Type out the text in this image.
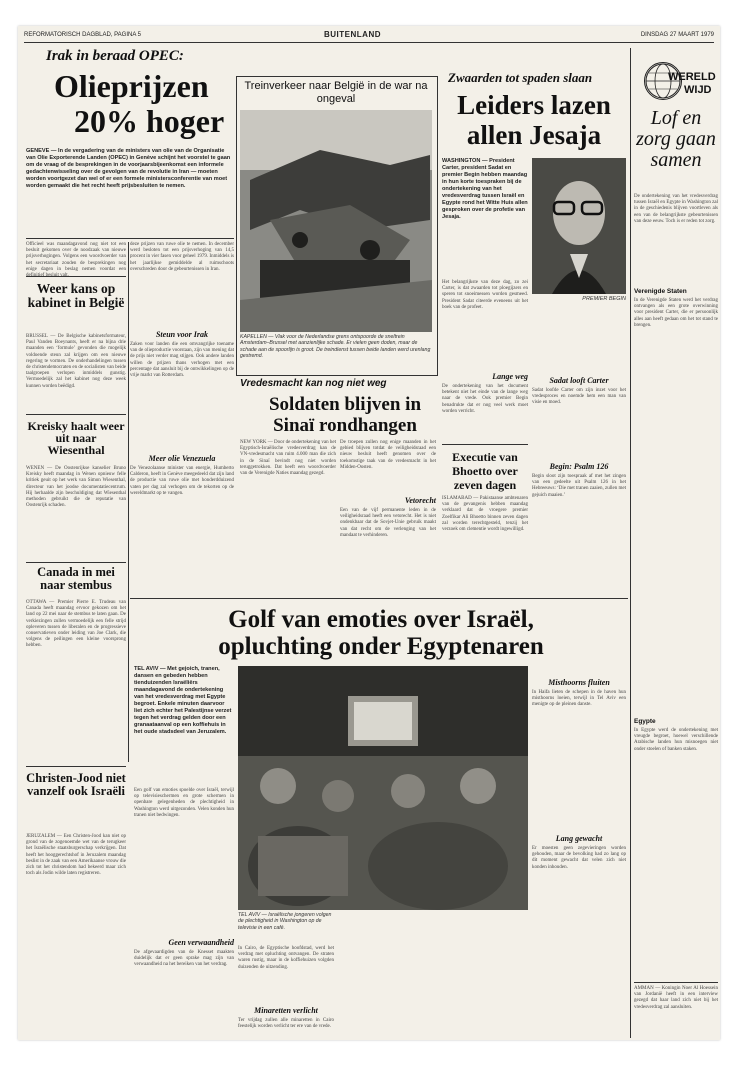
REFORMATORISCH DAGBLAD, PAGINA 5	BUITENLAND	DINSDAG 27 MAART 1979
Irak in beraad OPEC:
Olieprijzen
20% hoger
GENEVE — In de vergadering van de ministers van olie van de Organisatie van Olie Exporterende Landen (OPEC) in Genève schijnt het voorstel te gaan om de vraag of de besprekingen in de voorjaarsbijeenkomst een informele gedachtenwisseling over de gevolgen van de revolutie in Iran — moeten worden voortgezet dan wel of er een formele ministersconferentie van moet worden gemaakt die het recht heeft prijsbesluiten te nemen.
Officieel was maandagavond nog niet tot een besluit gekomen over de noodzaak van nieuwe prijsverhogingen. Volgens een woordvoerder van het secretariaat zouden de besprekingen nog enige dagen in beslag nemen voordat een
Weer kans op kabinet in België
BRUSSEL — De Belgische kabinetsformateur, Paul Vanden Boeynants, heeft er na bijna drie maanden een ‘formule’ gevonden die mogelijk voldoende steun zal krijgen om een nieuwe regering te vormen. De onderhandelingen tussen de christendemocraten en de socialisten van beide taalgroepen verlopen inmiddels gunstig. Vermoedelijk zal het kabinet nog deze week kunnen worden beëdigd.
Kreisky haalt weer uit naar Wiesenthal
WENEN — De Oostenrijkse kanselier Bruno Kreisky heeft maandag in Wenen opnieuw felle kritiek geuit op het werk van Simon Wiesenthal, directeur van het joodse documentatiecentrum. Hij herhaalde zijn beschuldiging dat Wiesenthal methoden gebruikt die de reputatie van Oostenrijk schaden.
Canada in mei naar stembus
OTTAWA — Premier Pierre E. Trudeau van Canada heeft maandag ervoor gekozen om het land op 22 mei naar de stembus te laten gaan. De verkiezingen zullen vermoedelijk een felle strijd opleveren tussen de liberalen en de progressieve conservatieven onder leiding van Joe Clark, die volgens de peilingen een kleine voorsprong hebben.
Christen-Jood niet vanzelf ook Israëli
JERUZALEM — Een Christen-Jood kan niet op grond van de zogenoemde wet van de terugkeer het Israëlische staatsburgerschap verkrijgen. Dat heeft het hooggerechtshof in Jeruzalem maandag beslist in de zaak van een Amerikaanse vrouw die zich tot het christendom had bekeerd maar zich toch als Jodin wilde laten registreren.
deze prijzen van ruwe olie te nemen. In december werd besloten tot een prijsverhoging van 14,5 procent in vier fasen voor geheel 1979. Inmiddels is het jaarlijkse gemiddelde al ruimschoots overschreden door de gebeurtenissen in Iran.
Steun voor Irak
Zaken voor landen die een omvangrijke toename van de olieproductie voorstaan, zijn van mening dat de prijs niet verder mag stijgen. Ook andere landen willen de prijzen thans verhogen met een percentage dat aansluit bij de ontwikkelingen op de vrije markt van Rotterdam.
Meer olie Venezuela
De Venezolaanse minister van energie, Humberto Calderon, heeft in Genève meegedeeld dat zijn land de productie van ruwe olie met honderdduizend vaten per dag zal verhogen om de tekorten op de wereldmarkt op te vangen.
Treinverkeer naar België in de war na ongeval
KAPELLEN — Vlak voor de Nederlandse grens ontspoorde de sneltrein Amsterdam–Brussel met aanzienlijke schade. Er vielen geen doden, maar de schade aan de spoorlijn is groot. De treindienst tussen beide landen werd urenlang gestremd.
Vredesmacht kan nog niet weg
Soldaten blijven in Sinaï rondhangen
NEW YORK — Door de ondertekening van het Egyptisch-Israëlische vredesverdrag kan de VN-vredesmacht van ruim 4.000 man die zich in de Sinaï bevindt nog niet worden teruggetrokken. Dat heeft een woordvoerder van de Verenigde Naties maandag gezegd.
De troepen zullen nog enige maanden in het gebied blijven totdat de veiligheidsraad een nieuw besluit heeft genomen over de toekomstige taak van de vredesmacht in het Midden-Oosten.
Vetorecht
Een van de vijf permanente leden in de veiligheidsraad heeft een vetorecht. Het is niet ondenkbaar dat de Sovjet-Unie gebruik maakt van dat recht om de verlenging van het mandaat te verhinderen.
Zwaarden tot spaden slaan
Leiders lazen allen Jesaja
WASHINGTON — President Carter, president Sadat en premier Begin hebben maandag in hun korte toespraken bij de ondertekening van het vredesverdrag tussen Israël en Egypte rond het Witte Huis allen gesproken over de profetie van Jesaja.
Het belangrijkste van deze dag, zo zei Carter, is dat zwaarden tot ploegijzers en speren tot snoeimessen worden gesmeed. President Sadat citeerde eveneens uit het boek van de profeet.
Lange weg
De ondertekening van het document betekent niet het einde van de lange weg naar de vrede. Ook premier Begin benadrukte dat er nog veel werk moet worden verricht.
PREMIER BEGIN
Sadat looft Carter
Sadat loofde Carter om zijn inzet voor het vredesproces en noemde hem een man van visie en moed.
Begin: Psalm 126
Begin sloot zijn toespraak af met het zingen van een gedeelte uit Psalm 126 in het Hebreeuws: ‘Die met tranen zaaien, zullen met gejuich maaien.’
Executie van Bhoetto over zeven dagen
ISLAMABAD — Pakistaanse ambtenaren van de gevangenis hebben maandag verklaard dat de vroegere premier Zoelfikar Ali Bhoetto binnen zeven dagen zal worden terechtgesteld, tenzij het verzoek om clementie wordt ingewilligd.
WERELD
WIJD
Lof en zorg gaan samen
De ondertekening van het vredesverdrag tussen Israël en Egypte in Washington zal in de geschiedenis blijven voortleven als een van de belangrijkste gebeurtenissen van deze eeuw. Toch is er reden tot zorg.
Verenigde Staten
In de Verenigde Staten werd het verdrag ontvangen als een grote overwinning voor president Carter, die er persoonlijk alles aan heeft gedaan om het tot stand te brengen.
Egypte
In Egypte werd de ondertekening met vreugde begroet, hoewel verschillende Arabische landen hun misnoegen niet onder stoelen of banken staken.
AMMAN — Koningin Noer Al Hoessein van Jordanië heeft in een interview gezegd dat haar land zich niet bij het vredesverdrag zal aansluiten.
Golf van emoties over Israël,
opluchting onder Egyptenaren
TEL AVIV — Met gejoich, tranen, dansen en gebeden hebben tienduizenden Israëliërs maandagavond de ondertekening van het vredesverdrag met Egypte begroet. Enkele minuten daarvoor liet zich echter het Palestijnse verzet tegen het verdrag gelden door een granaataanval op een koffiehuis in het oude stadsdeel van Jeruzalem.
Een golf van emoties spoelde over Israël, terwijl op televisieschermen en grote schermen in openbare gelegenheden de plechtigheid in Washington werd uitgezonden. Velen konden hun tranen niet bedwingen.
Geen verwaandheid
De afgevaardigden van de Knesset maakten duidelijk dat er geen sprake mag zijn van verwaandheid na het bereiken van het verdrag.
TEL AVIV — Israëlische jongeren volgen de plechtigheid in Washington op de televisie in een café.
In Cairo, de Egyptische hoofdstad, werd het verdrag met opluchting ontvangen. De straten waren rustig, maar in de koffiehuizen volgden duizenden de uitzending.
Minaretten verlicht
Ter vrijdag zullen alle minaretten in Cairo feestelijk worden verlicht ter ere van de vrede.
Misthoorns fluiten
In Haifa lieten de schepen in de haven hun misthoorns loeien, terwijl in Tel Aviv een menigte op de pleinen danste.
Lang gewacht
Er moesten geen zegevieringen worden gehouden, maar de bevolking had zo lang op dit moment gewacht dat velen zich niet konden inhouden.
